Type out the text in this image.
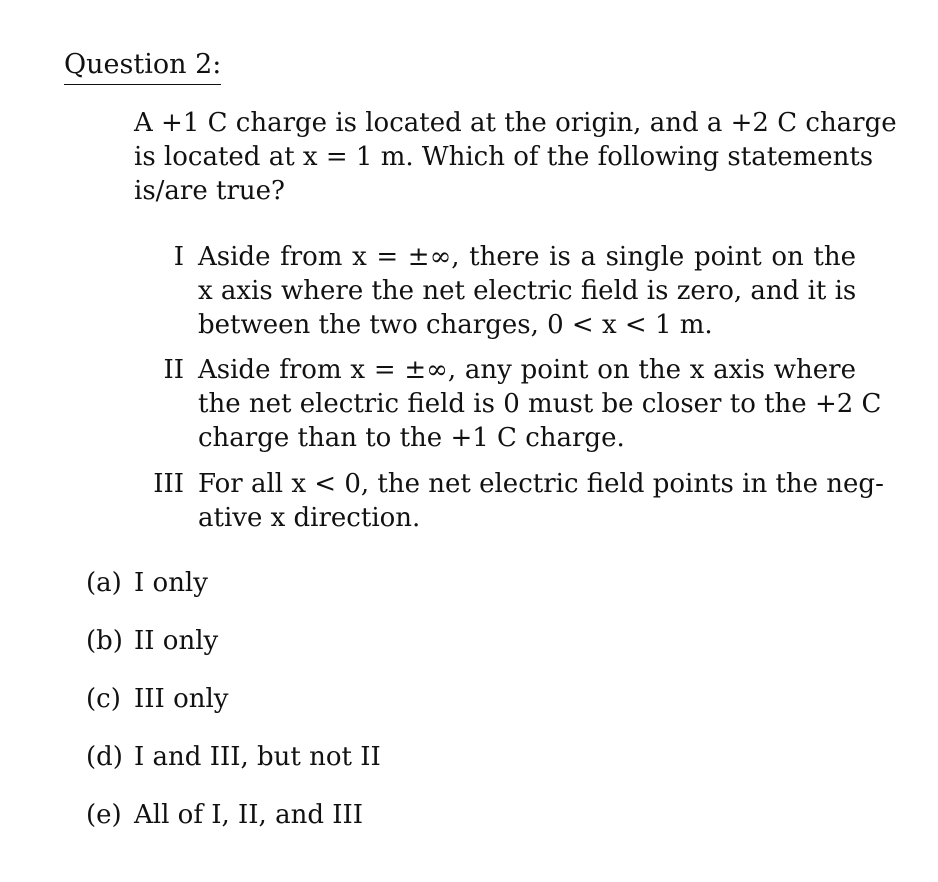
Question 2:
A +1 C charge is located at the origin, and a +2 C charge
is located at x = 1 m. Which of the following statements
is/are true?
I Aside from x = ±∞, there is a single point on the
x axis where the net electric field is zero, and it is
between the two charges, 0 < x < 1 m.
II Aside from x = ±∞, any point on the x axis where
the net electric field is 0 must be closer to the +2 C
charge than to the +1 C charge.
III For all x < 0, the net electric field points in the neg-
ative x direction.
(a) I only
(b) II only
(c) III only
(d) I and III, but not II
(e) All of I, II, and III
